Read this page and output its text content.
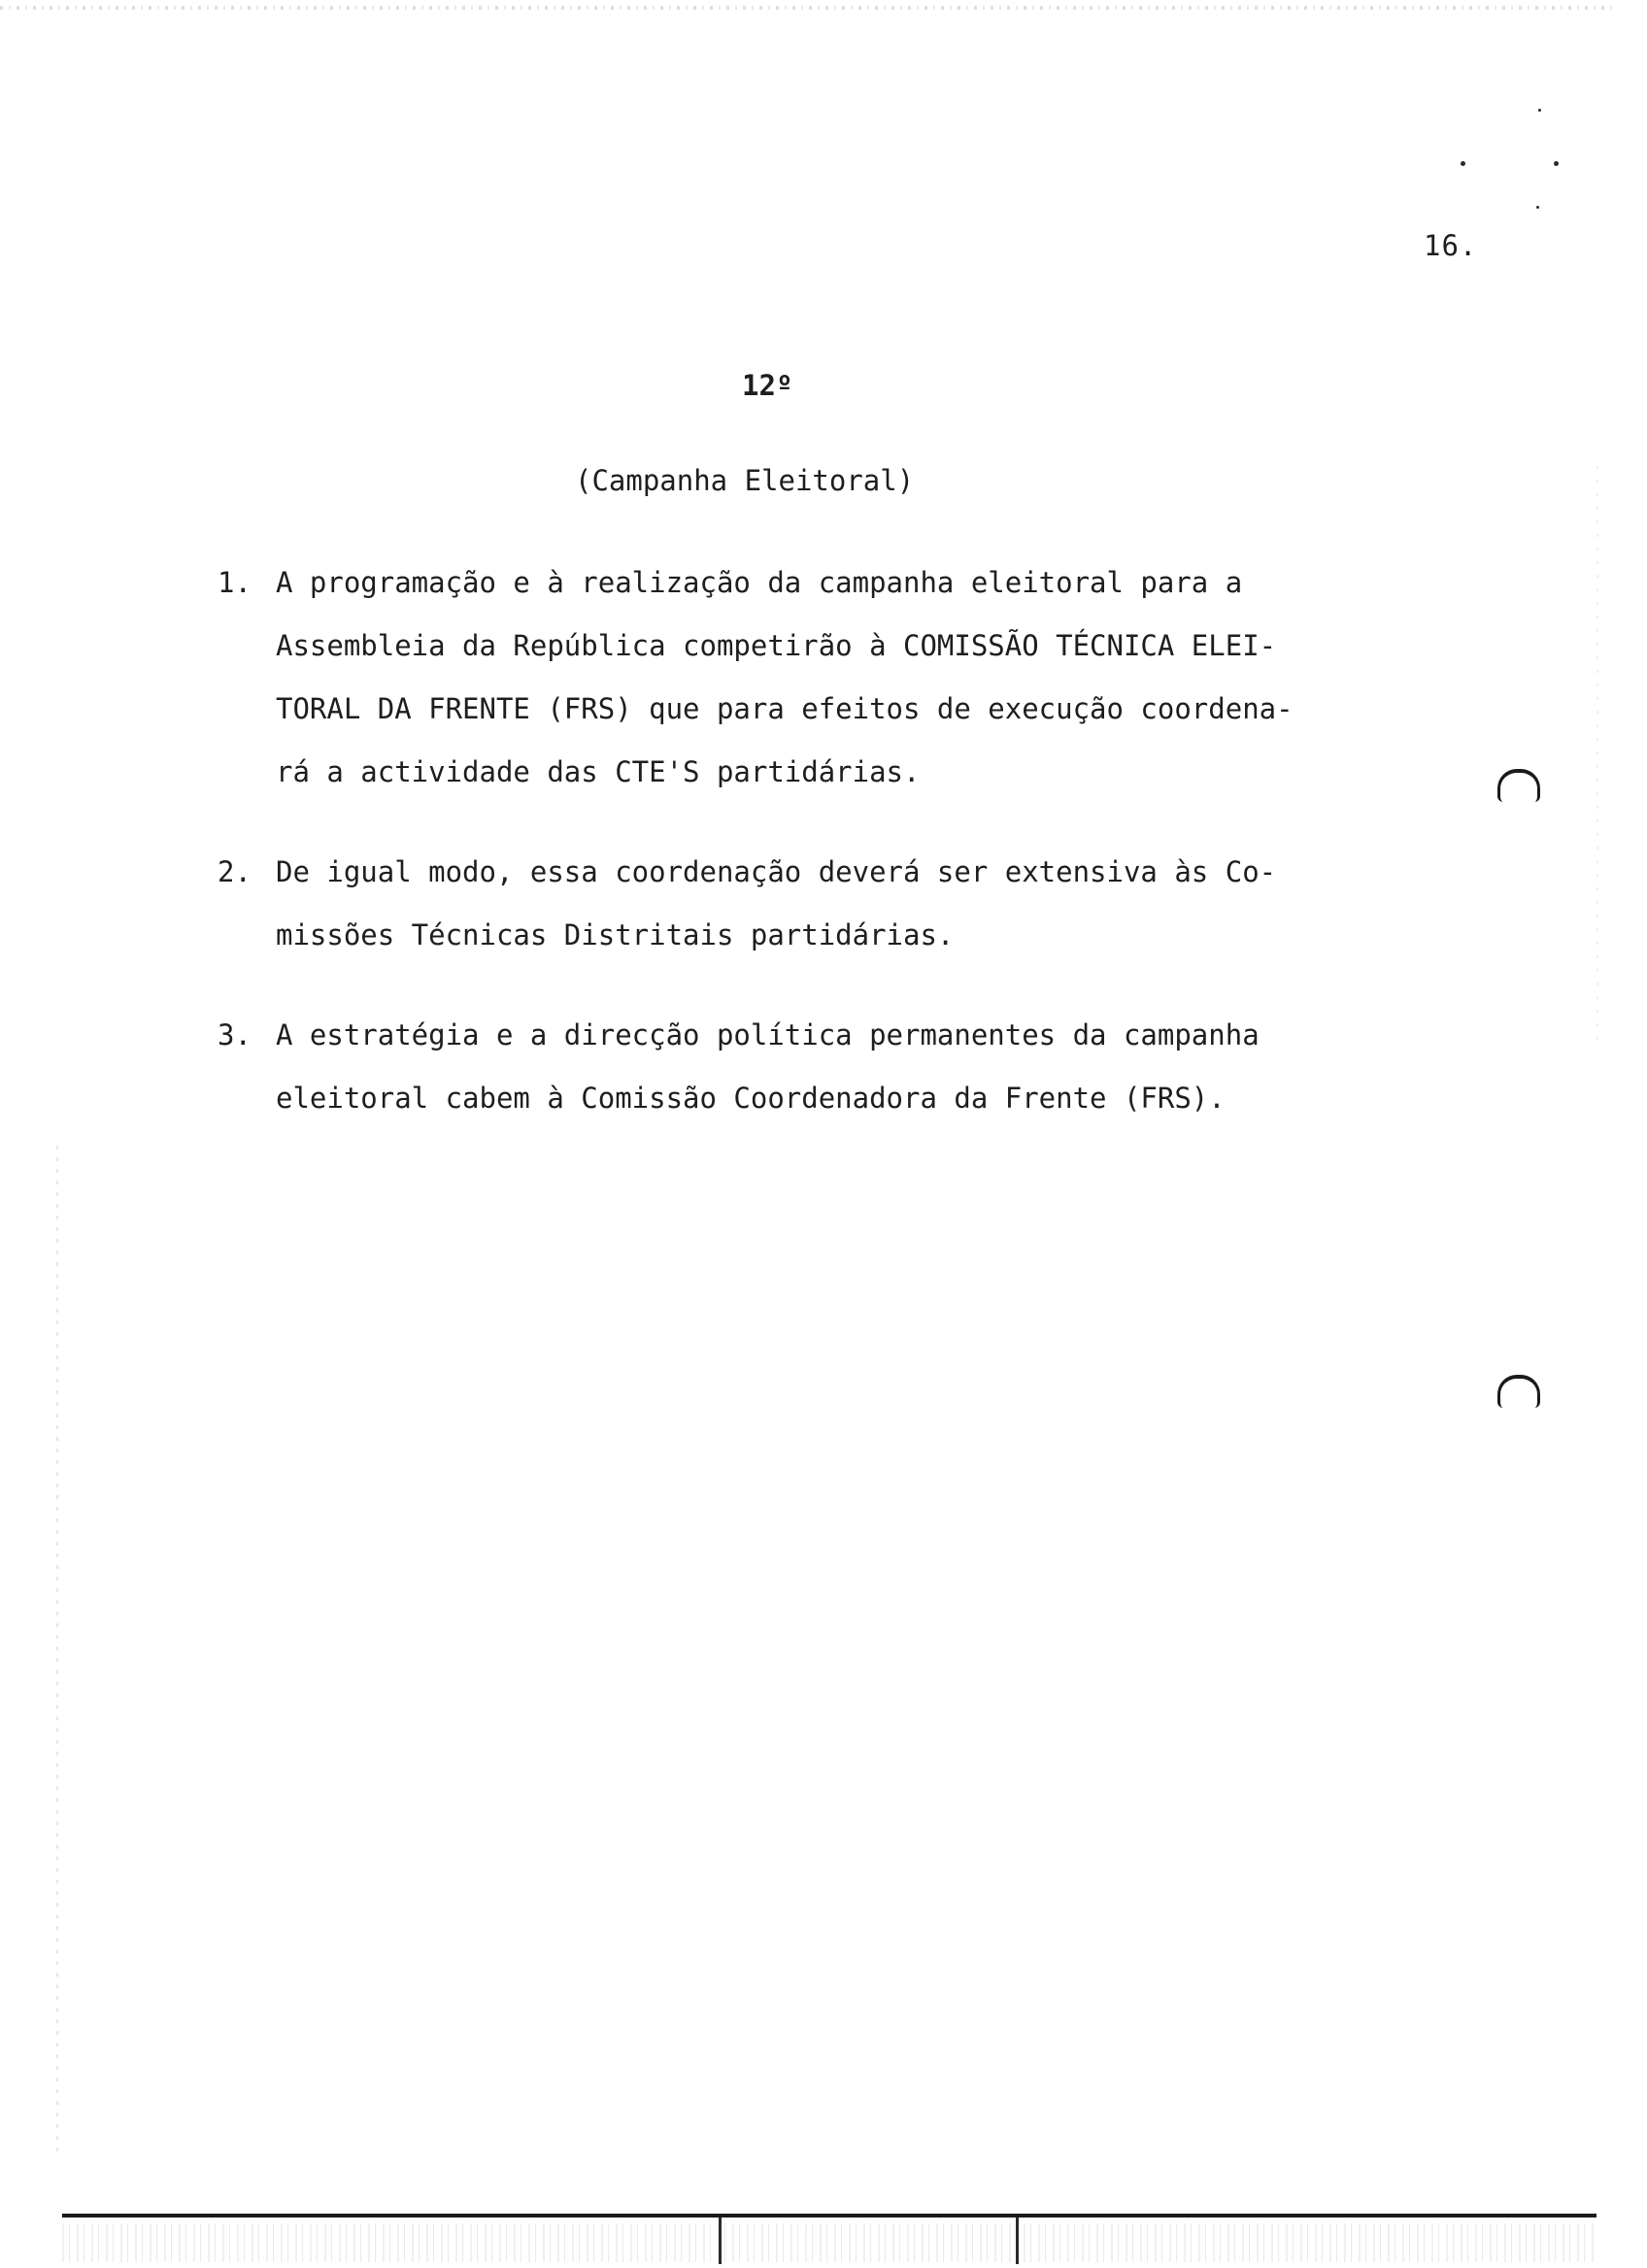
16.
12º
(Campanha Eleitoral)
1. A programação e à realização da campanha eleitoral para a
Assembleia da República competirão à COMISSÃO TÉCNICA ELEI-
TORAL DA FRENTE (FRS) que para efeitos de execução coordena-
rá a actividade das CTE'S partidárias.
2. De igual modo, essa coordenação deverá ser extensiva às Co-
missões Técnicas Distritais partidárias.
3. A estratégia e a direcção política permanentes da campanha
eleitoral cabem à Comissão Coordenadora da Frente (FRS).
